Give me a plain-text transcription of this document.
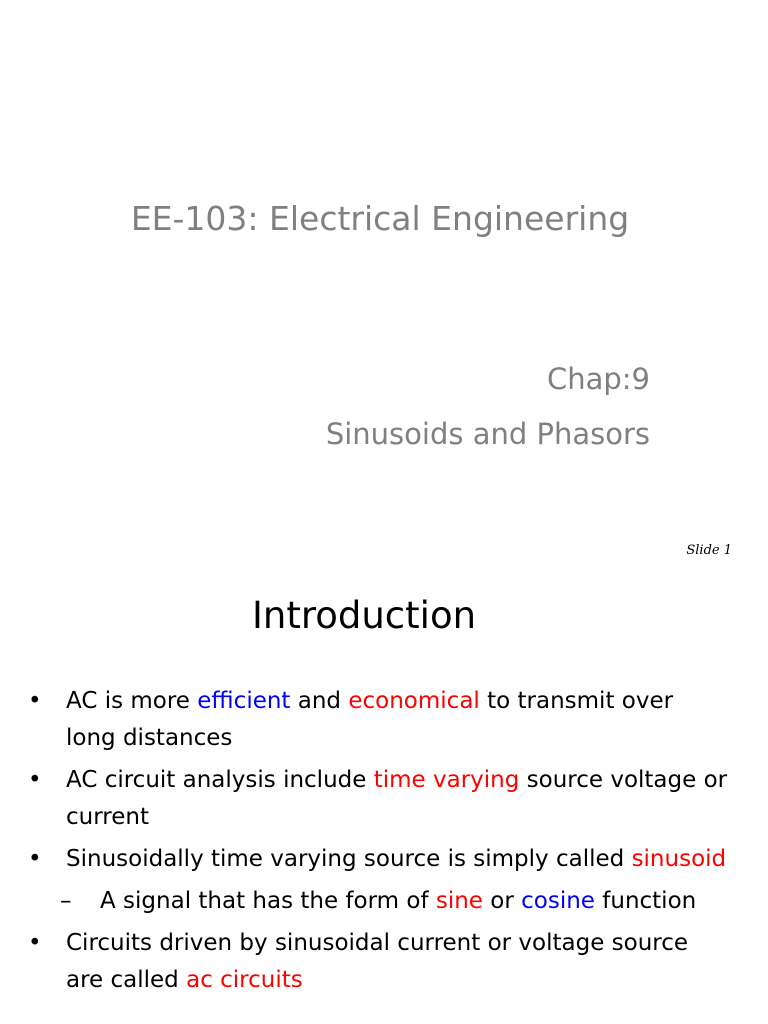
EE-103: Electrical Engineering
Chap:9
Sinusoids and Phasors
Slide 1
Introduction
• AC is more efficient and economical to transmit over
long distances
• AC circuit analysis include time varying source voltage or
current
• Sinusoidally time varying source is simply called sinusoid
– A signal that has the form of sine or cosine function
• Circuits driven by sinusoidal current or voltage source
are called ac circuits
